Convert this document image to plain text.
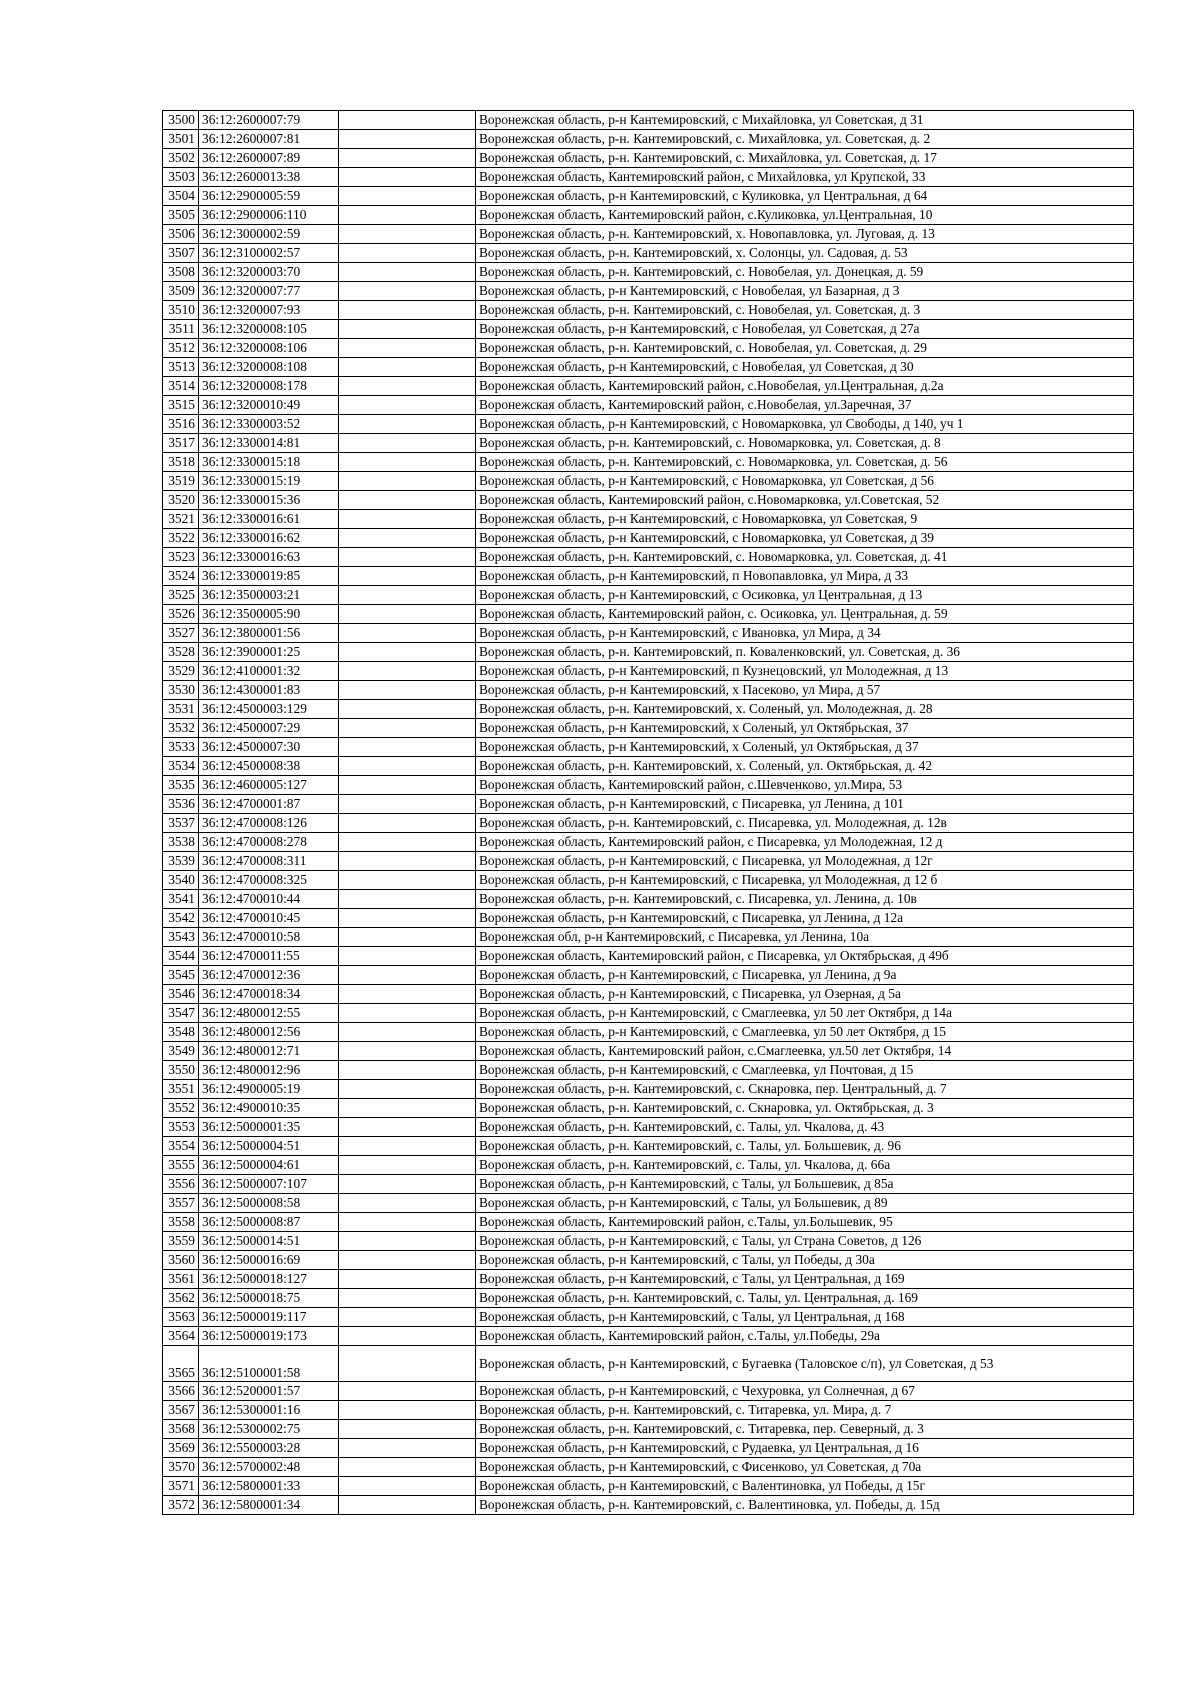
3500	36:12:2600007:79		Воронежская область, р-н Кантемировский, с Михайловка, ул Советская, д 31
3501	36:12:2600007:81		Воронежская область, р-н. Кантемировский, с. Михайловка, ул. Советская, д. 2
3502	36:12:2600007:89		Воронежская область, р-н. Кантемировский, с. Михайловка, ул. Советская, д. 17
3503	36:12:2600013:38		Воронежская область, Кантемировский район, с Михайловка, ул Крупской, 33
3504	36:12:2900005:59		Воронежская область, р-н Кантемировский, с Куликовка, ул Центральная, д 64
3505	36:12:2900006:110		Воронежская область, Кантемировский район, с.Куликовка, ул.Центральная, 10
3506	36:12:3000002:59		Воронежская область, р-н. Кантемировский, х. Новопавловка, ул. Луговая, д. 13
3507	36:12:3100002:57		Воронежская область, р-н. Кантемировский, х. Солонцы, ул. Садовая, д. 53
3508	36:12:3200003:70		Воронежская область, р-н. Кантемировский, с. Новобелая, ул. Донецкая, д. 59
3509	36:12:3200007:77		Воронежская область, р-н Кантемировский, с Новобелая, ул Базарная, д 3
3510	36:12:3200007:93		Воронежская область, р-н. Кантемировский, с. Новобелая, ул. Советская, д. 3
3511	36:12:3200008:105		Воронежская область, р-н Кантемировский, с Новобелая, ул Советская, д 27а
3512	36:12:3200008:106		Воронежская область, р-н. Кантемировский, с. Новобелая, ул. Советская, д. 29
3513	36:12:3200008:108		Воронежская область, р-н Кантемировский, с Новобелая, ул Советская, д 30
3514	36:12:3200008:178		Воронежская область, Кантемировский район, с.Новобелая, ул.Центральная, д.2а
3515	36:12:3200010:49		Воронежская область, Кантемировский район, с.Новобелая, ул.Заречная, 37
3516	36:12:3300003:52		Воронежская область, р-н Кантемировский, с Новомарковка, ул Свободы, д 140, уч 1
3517	36:12:3300014:81		Воронежская область, р-н. Кантемировский, с. Новомарковка, ул. Советская, д. 8
3518	36:12:3300015:18		Воронежская область, р-н. Кантемировский, с. Новомарковка, ул. Советская, д. 56
3519	36:12:3300015:19		Воронежская область, р-н Кантемировский, с Новомарковка, ул Советская, д 56
3520	36:12:3300015:36		Воронежская область, Кантемировский район, с.Новомарковка, ул.Советская, 52
3521	36:12:3300016:61		Воронежская область, р-н Кантемировский, с Новомарковка, ул Советская, 9
3522	36:12:3300016:62		Воронежская область, р-н Кантемировский, с Новомарковка, ул Советская, д 39
3523	36:12:3300016:63		Воронежская область, р-н. Кантемировский, с. Новомарковка, ул. Советская, д. 41
3524	36:12:3300019:85		Воронежская область, р-н Кантемировский, п Новопавловка, ул Мира, д 33
3525	36:12:3500003:21		Воронежская область, р-н Кантемировский, с Осиковка, ул Центральная, д 13
3526	36:12:3500005:90		Воронежская область, Кантемировский район, с. Осиковка, ул. Центральная, д. 59
3527	36:12:3800001:56		Воронежская область, р-н Кантемировский, с Ивановка, ул Мира, д 34
3528	36:12:3900001:25		Воронежская область, р-н. Кантемировский, п. Коваленковский, ул. Советская, д. 36
3529	36:12:4100001:32		Воронежская область, р-н Кантемировский, п Кузнецовский, ул Молодежная, д 13
3530	36:12:4300001:83		Воронежская область, р-н Кантемировский, х Пасеково, ул Мира, д 57
3531	36:12:4500003:129		Воронежская область, р-н. Кантемировский, х. Соленый, ул. Молодежная, д. 28
3532	36:12:4500007:29		Воронежская область, р-н Кантемировский, х Соленый, ул Октябрьская, 37
3533	36:12:4500007:30		Воронежская область, р-н Кантемировский, х Соленый, ул Октябрьская, д 37
3534	36:12:4500008:38		Воронежская область, р-н. Кантемировский, х. Соленый, ул. Октябрьская, д. 42
3535	36:12:4600005:127		Воронежская область, Кантемировский район, с.Шевченково, ул.Мира, 53
3536	36:12:4700001:87		Воронежская область, р-н Кантемировский, с Писаревка, ул Ленина, д 101
3537	36:12:4700008:126		Воронежская область, р-н. Кантемировский, с. Писаревка, ул. Молодежная, д. 12в
3538	36:12:4700008:278		Воронежская область, Кантемировский район, с Писаревка, ул Молодежная, 12 д
3539	36:12:4700008:311		Воронежская область, р-н Кантемировский, с Писаревка, ул Молодежная, д 12г
3540	36:12:4700008:325		Воронежская область, р-н Кантемировский, с Писаревка, ул Молодежная, д 12 б
3541	36:12:4700010:44		Воронежская область, р-н. Кантемировский, с. Писаревка, ул. Ленина, д. 10в
3542	36:12:4700010:45		Воронежская область, р-н Кантемировский, с Писаревка, ул Ленина, д 12а
3543	36:12:4700010:58		Воронежская обл, р-н Кантемировский, с Писаревка, ул Ленина, 10а
3544	36:12:4700011:55		Воронежская область, Кантемировский район, с Писаревка, ул Октябрьская, д 49б
3545	36:12:4700012:36		Воронежская область, р-н Кантемировский, с Писаревка, ул Ленина, д 9а
3546	36:12:4700018:34		Воронежская область, р-н Кантемировский, с Писаревка, ул Озерная, д 5а
3547	36:12:4800012:55		Воронежская область, р-н Кантемировский, с Смаглеевка, ул 50 лет Октября, д 14а
3548	36:12:4800012:56		Воронежская область, р-н Кантемировский, с Смаглеевка, ул 50 лет Октября, д 15
3549	36:12:4800012:71		Воронежская область, Кантемировский район, с.Смаглеевка, ул.50 лет Октября, 14
3550	36:12:4800012:96		Воронежская область, р-н Кантемировский, с Смаглеевка, ул Почтовая, д 15
3551	36:12:4900005:19		Воронежская область, р-н. Кантемировский, с. Скнаровка, пер. Центральный, д. 7
3552	36:12:4900010:35		Воронежская область, р-н. Кантемировский, с. Скнаровка, ул. Октябрьская, д. 3
3553	36:12:5000001:35		Воронежская область, р-н. Кантемировский, с. Талы, ул. Чкалова, д. 43
3554	36:12:5000004:51		Воронежская область, р-н. Кантемировский, с. Талы, ул. Большевик, д. 96
3555	36:12:5000004:61		Воронежская область, р-н. Кантемировский, с. Талы, ул. Чкалова, д. 66а
3556	36:12:5000007:107		Воронежская область, р-н Кантемировский, с Талы, ул Большевик, д 85а
3557	36:12:5000008:58		Воронежская область, р-н Кантемировский, с Талы, ул Большевик, д 89
3558	36:12:5000008:87		Воронежская область, Кантемировский район, с.Талы, ул.Большевик, 95
3559	36:12:5000014:51		Воронежская область, р-н Кантемировский, с Талы, ул Страна Советов, д 126
3560	36:12:5000016:69		Воронежская область, р-н Кантемировский, с Талы, ул Победы, д 30а
3561	36:12:5000018:127		Воронежская область, р-н Кантемировский, с Талы, ул Центральная, д 169
3562	36:12:5000018:75		Воронежская область, р-н. Кантемировский, с. Талы, ул. Центральная, д. 169
3563	36:12:5000019:117		Воронежская область, р-н Кантемировский, с Талы, ул Центральная, д 168
3564	36:12:5000019:173		Воронежская область, Кантемировский район, с.Талы, ул.Победы, 29а
3565	36:12:5100001:58		Воронежская область, р-н Кантемировский, с Бугаевка (Таловское с/п), ул Советская, д 53
3566	36:12:5200001:57		Воронежская область, р-н Кантемировский, с Чехуровка, ул Солнечная, д 67
3567	36:12:5300001:16		Воронежская область, р-н. Кантемировский, с. Титаревка, ул. Мира, д. 7
3568	36:12:5300002:75		Воронежская область, р-н. Кантемировский, с. Титаревка, пер. Северный, д. 3
3569	36:12:5500003:28		Воронежская область, р-н Кантемировский, с Рудаевка, ул Центральная, д 16
3570	36:12:5700002:48		Воронежская область, р-н Кантемировский, с Фисенково, ул Советская, д 70а
3571	36:12:5800001:33		Воронежская область, р-н Кантемировский, с Валентиновка, ул Победы, д 15г
3572	36:12:5800001:34		Воронежская область, р-н. Кантемировский, с. Валентиновка, ул. Победы, д. 15д
